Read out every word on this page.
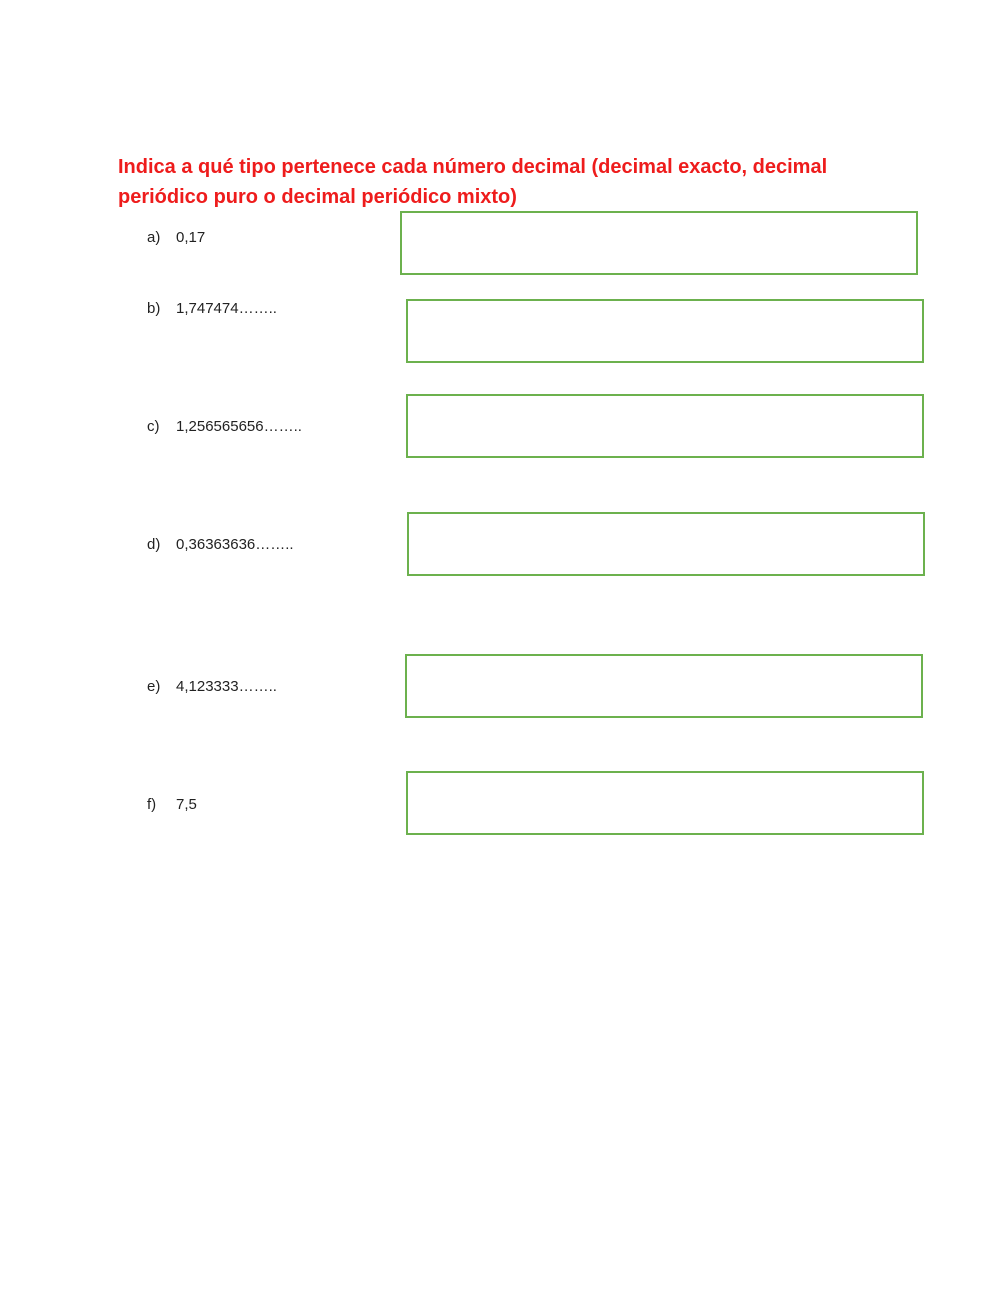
Indica a qué tipo pertenece cada número decimal (decimal exacto, decimal periódico puro o decimal periódico mixto)
a) 0,17
b) 1,747474……..
c) 1,256565656……..
d) 0,36363636……..
e) 4,123333……..
f) 7,5
